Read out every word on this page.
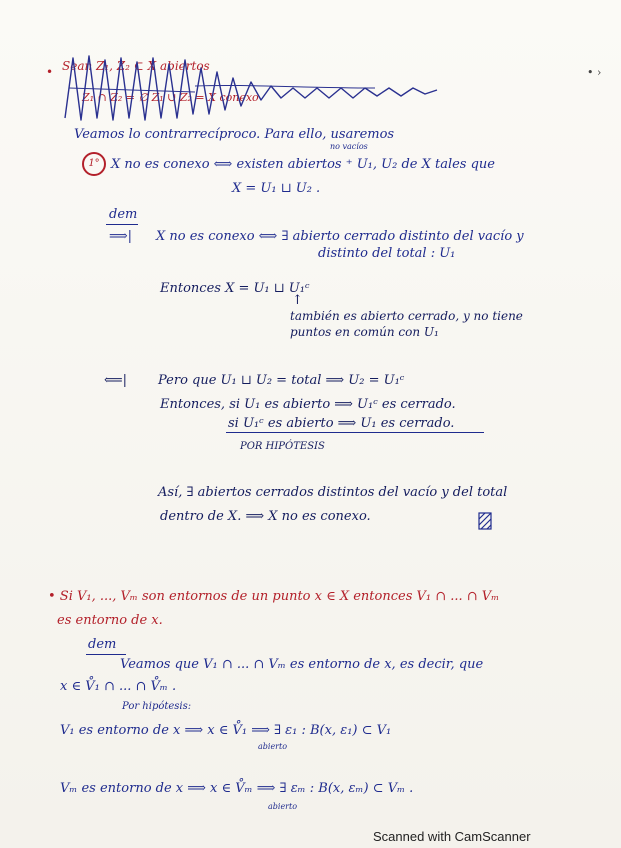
• Sean Z₁, Z₂ ⊂ X abiertos
Z₁ ∩ Z₂ = ∅ Z₁ ∪ Z₂ = X conexo
• ›
Veamos lo contrarrecíproco. Para ello, usaremos
no vacíos
1° X no es conexo ⟺ existen abiertos ⁺ U₁, U₂ de X tales que
X = U₁ ⊔ U₂ .
dem
⟹| X no es conexo ⟺ ∃ abierto cerrado distinto del vacío y
distinto del total : U₁
Entonces X = U₁ ⊔ U₁ᶜ
↑
también es abierto cerrado, y no tiene
puntos en común con U₁
⟸| Pero que U₁ ⊔ U₂ = total ⟹ U₂ = U₁ᶜ
Entonces, si U₁ es abierto ⟹ U₁ᶜ es cerrado.
si U₁ᶜ es abierto ⟹ U₁ es cerrado.
POR HIPÓTESIS
Así, ∃ abiertos cerrados distintos del vacío y del total
dentro de X. ⟹ X no es conexo.
• Si V₁, ..., Vₘ son entornos de un punto x ∈ X entonces V₁ ∩ ... ∩ Vₘ
es entorno de x.
dem
Veamos que V₁ ∩ ... ∩ Vₘ es entorno de x, es decir, que
x ∈ V̊₁ ∩ ... ∩ V̊ₘ .
Por hipótesis:
V₁ es entorno de x ⟹ x ∈ V̊₁ ⟹ ∃ ε₁ : B(x, ε₁) ⊂ V₁
abierto
Vₘ es entorno de x ⟹ x ∈ V̊ₘ ⟹ ∃ εₘ : B(x, εₘ) ⊂ Vₘ .
abierto
Scanned with CamScanner
